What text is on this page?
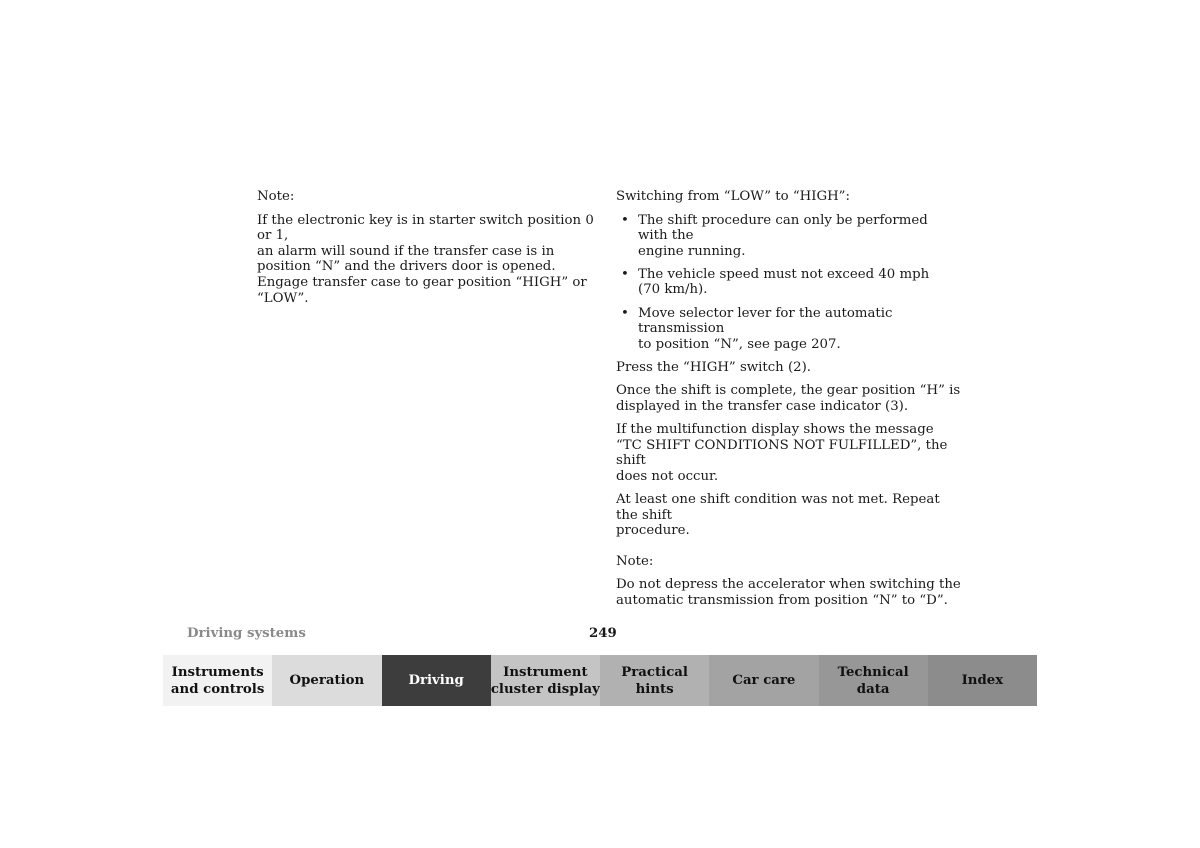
Note:

If the electronic key is in starter switch position 0 or 1,
an alarm will sound if the transfer case is in
position “N” and the drivers door is opened.
Engage transfer case to gear position “HIGH” or “LOW”.

Switching from “LOW” to “HIGH”:

• The shift procedure can only be performed with the
engine running.
• The vehicle speed must not exceed 40 mph
(70 km/h).
• Move selector lever for the automatic transmission
to position “N”, see page 207.

Press the “HIGH” switch (2).

Once the shift is complete, the gear position “H” is
displayed in the transfer case indicator (3).

If the multifunction display shows the message
“TC SHIFT CONDITIONS NOT FULFILLED”, the shift
does not occur.

At least one shift condition was not met. Repeat the shift
procedure.

Note:

Do not depress the accelerator when switching the
automatic transmission from position “N” to “D”.

Driving systems	249
Instruments
and controls
Operation	Driving
Instrument
cluster display
Practical hints
Car care
Technical
data
Index
